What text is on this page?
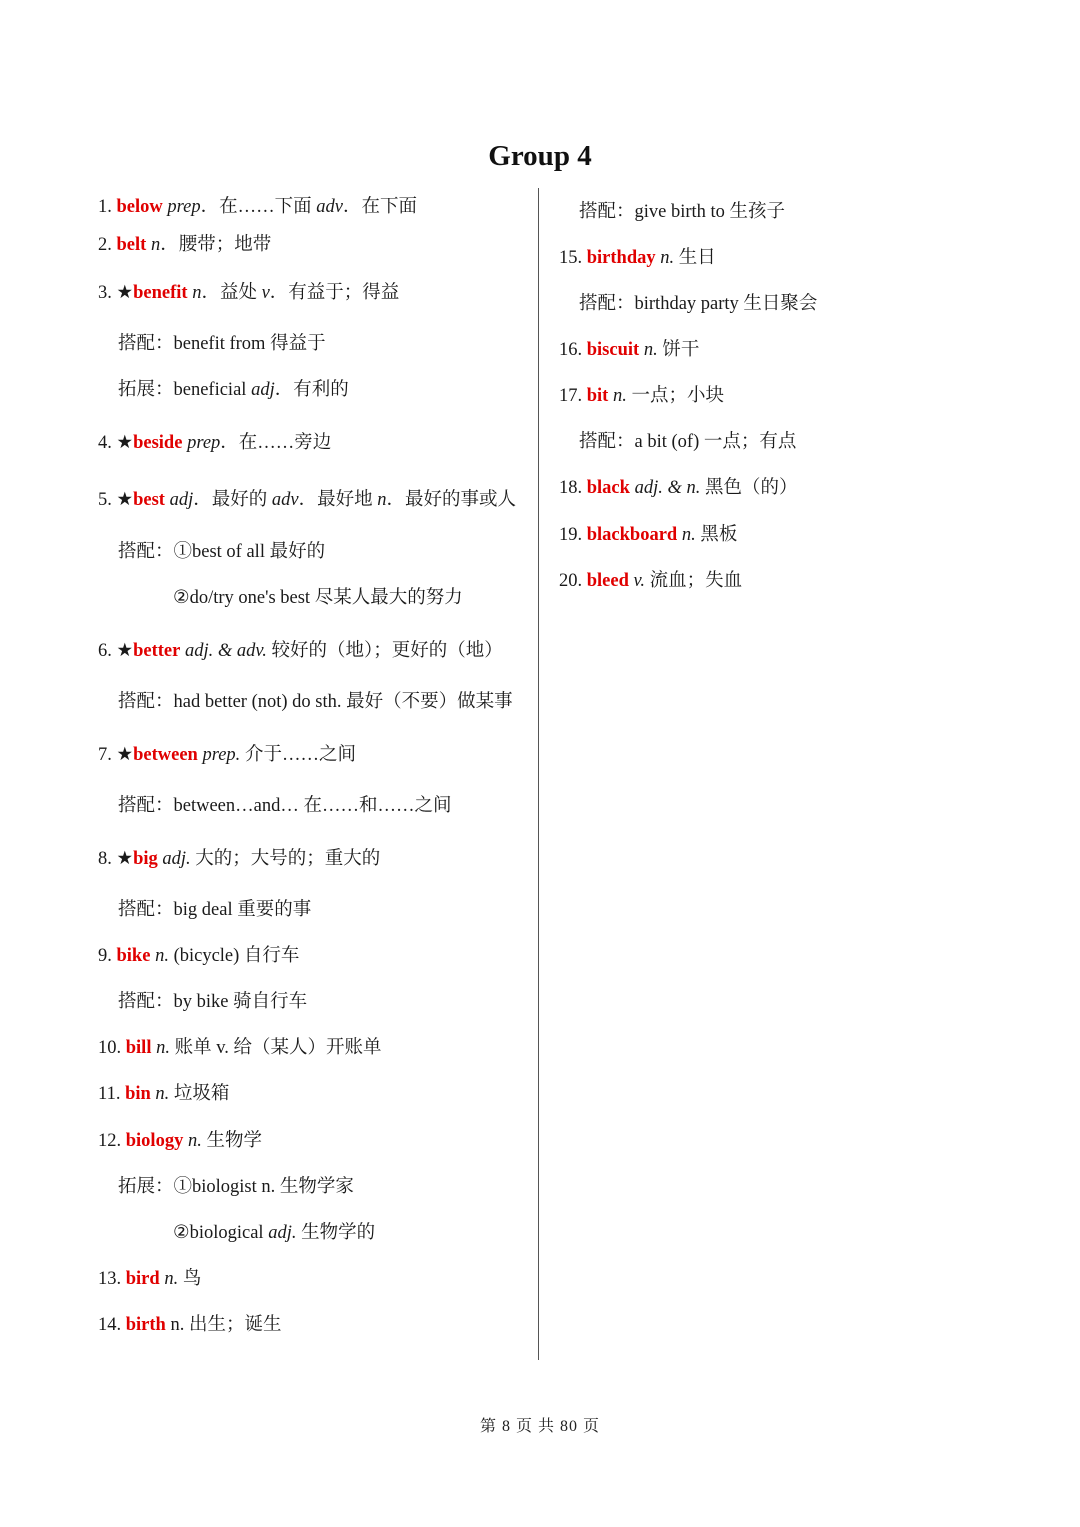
Group 4
1. below prep．在……下面 adv．在下面
2. belt n．腰带；地带
3. ★benefit n．益处 v．有益于；得益
搭配：benefit from 得益于
拓展：beneficial adj．有利的
4. ★beside prep．在……旁边
5. ★best adj．最好的 adv．最好地 n．最好的事或人
搭配：①best of all 最好的
②do/try one's best 尽某人最大的努力
6. ★better adj. & adv. 较好的（地）；更好的（地）
搭配：had better (not) do sth. 最好（不要）做某事
7. ★between prep. 介于……之间
搭配：between…and… 在……和……之间
8. ★big adj. 大的；大号的；重大的
搭配：big deal 重要的事
9. bike n. (bicycle) 自行车
搭配：by bike 骑自行车
10. bill n. 账单 v. 给（某人）开账单
11. bin n. 垃圾箱
12. biology n. 生物学
拓展：①biologist n. 生物学家
②biological adj. 生物学的
13. bird n. 鸟
14. birth n. 出生；诞生
搭配：give birth to 生孩子
15. birthday n. 生日
搭配：birthday party 生日聚会
16. biscuit n. 饼干
17. bit n. 一点；小块
搭配：a bit (of) 一点；有点
18. black adj. & n. 黑色（的）
19. blackboard n. 黑板
20. bleed v. 流血；失血
第 8 页 共 80 页
